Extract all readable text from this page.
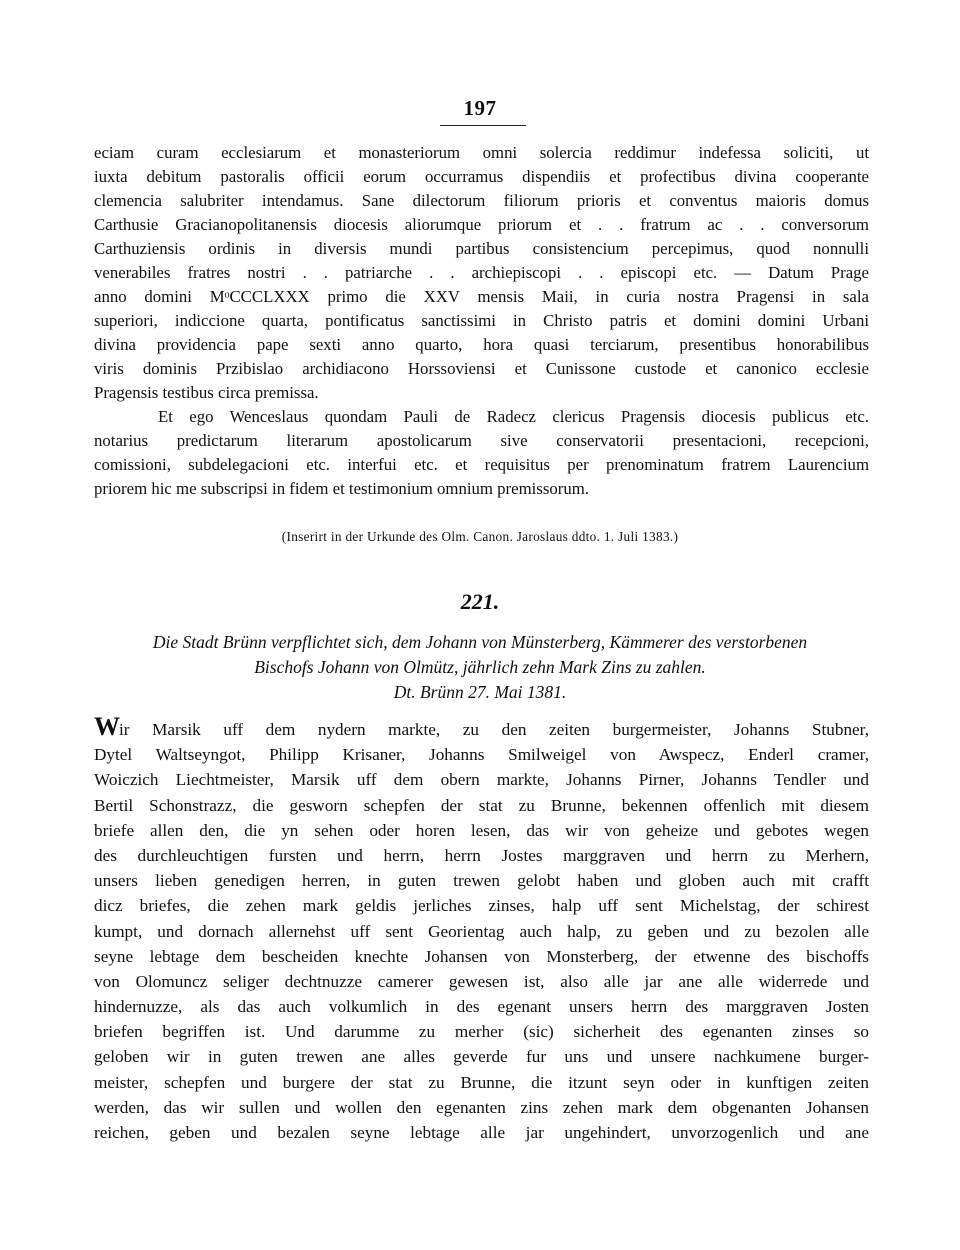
197
eciam curam ecclesiarum et monasteriorum omni solercia reddimur indefessa soliciti, ut
iuxta debitum pastoralis officii eorum occurramus dispendiis et profectibus divina cooperante
clemencia salubriter intendamus. Sane dilectorum filiorum prioris et conventus maioris domus
Carthusie Gracianopolitanensis diocesis aliorumque priorum et . . fratrum ac . . conversorum
Carthuziensis ordinis in diversis mundi partibus consistencium percepimus, quod nonnulli
venerabiles fratres nostri . . patriarche . . archiepiscopi . . episcopi etc. — Datum Prage
anno domini MᵒCCCLXXX primo die XXV mensis Maii, in curia nostra Pragensi in sala
superiori, indiccione quarta, pontificatus sanctissimi in Christo patris et domini domini Urbani
divina providencia pape sexti anno quarto, hora quasi terciarum, presentibus honorabilibus
viris dominis Przibislao archidiacono Horssoviensi et Cunissone custode et canonico ecclesie
Pragensis testibus circa premissa.
Et ego Wenceslaus quondam Pauli de Radecz clericus Pragensis diocesis publicus etc.
notarius predictarum literarum apostolicarum sive conservatorii presentacioni, recepcioni,
comissioni, subdelegacioni etc. interfui etc. et requisitus per prenominatum fratrem Laurencium
priorem hic me subscripsi in fidem et testimonium omnium premissorum.
(Inserirt in der Urkunde des Olm. Canon. Jaroslaus ddto. 1. Juli 1383.)
221.
Die Stadt Brünn verpflichtet sich, dem Johann von Münsterberg, Kämmerer des verstorbenen
Bischofs Johann von Olmütz, jährlich zehn Mark Zins zu zahlen.
Dt. Brünn 27. Mai 1381.
Wir Marsik uff dem nydern markte, zu den zeiten burgermeister, Johanns Stubner,
Dytel Waltseyngot, Philipp Krisaner, Johanns Smilweigel von Awspecz, Enderl cramer,
Woiczich Liechtmeister, Marsik uff dem obern markte, Johanns Pirner, Johanns Tendler und
Bertil Schonstrazz, die gesworn schepfen der stat zu Brunne, bekennen offenlich mit diesem
briefe allen den, die yn sehen oder horen lesen, das wir von geheize und gebotes wegen
des durchleuchtigen fursten und herrn, herrn Jostes marggraven und herrn zu Merhern,
unsers lieben genedigen herren, in guten trewen gelobt haben und globen auch mit crafft
dicz briefes, die zehen mark geldis jerliches zinses, halp uff sent Michelstag, der schirest
kumpt, und dornach allernehst uff sent Georientag auch halp, zu geben und zu bezolen alle
seyne lebtage dem bescheiden knechte Johansen von Monsterberg, der etwenne des bischoffs
von Olomuncz seliger dechtnuzze camerer gewesen ist, also alle jar ane alle widerrede und
hindernuzze, als das auch volkumlich in des egenant unsers herrn des marggraven Josten
briefen begriffen ist. Und darumme zu merher (sic) sicherheit des egenanten zinses so
geloben wir in guten trewen ane alles geverde fur uns und unsere nachkumene burger-
meister, schepfen und burgere der stat zu Brunne, die itzunt seyn oder in kunftigen zeiten
werden, das wir sullen und wollen den egenanten zins zehen mark dem obgenanten Johansen
reichen, geben und bezalen seyne lebtage alle jar ungehindert, unvorzogenlich und ane
